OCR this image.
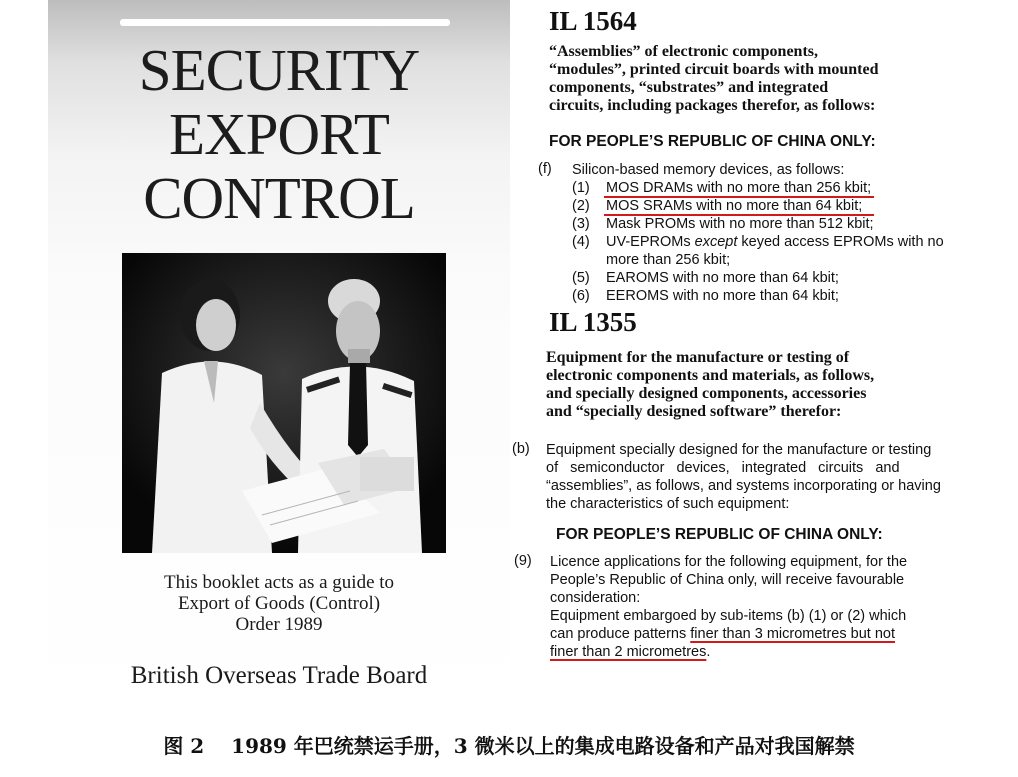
SECURITY
EXPORT
CONTROL
This booklet acts as a guide to
Export of Goods (Control)
Order 1989
British Overseas Trade Board
IL 1564

“Assemblies” of electronic components,
“modules”, printed circuit boards with mounted
components, “substrates” and integrated
circuits, including packages therefor, as follows:

FOR PEOPLE’S REPUBLIC OF CHINA ONLY:
(f) Silicon-based memory devices, as follows:
(1) MOS DRAMs with no more than 256 kbit;
(2) MOS SRAMs with no more than 64 kbit;
(3) Mask PROMs with no more than 512 kbit;
(4) UV-EPROMs except keyed access EPROMs with no
more than 256 kbit;
(5) EAROMS with no more than 64 kbit;
(6) EEROMS with no more than 64 kbit;
IL 1355

Equipment for the manufacture or testing of
electronic components and materials, as follows,
and specially designed components, accessories
and “specially designed software” therefor:

(b) Equipment specially designed for the manufacture or testing
of semiconductor devices, integrated circuits and
“assemblies”, as follows, and systems incorporating or having
the characteristics of such equipment:
FOR PEOPLE’S REPUBLIC OF CHINA ONLY:
(9) Licence applications for the following equipment, for the
People’s Republic of China only, will receive favourable
consideration:
Equipment embargoed by sub-items (b) (1) or (2) which
can produce patterns finer than 3 micrometres but not
finer than 2 micrometres.
图 2　 1989 年巴统禁运手册，3 微米以上的集成电路设备和产品对我国解禁
